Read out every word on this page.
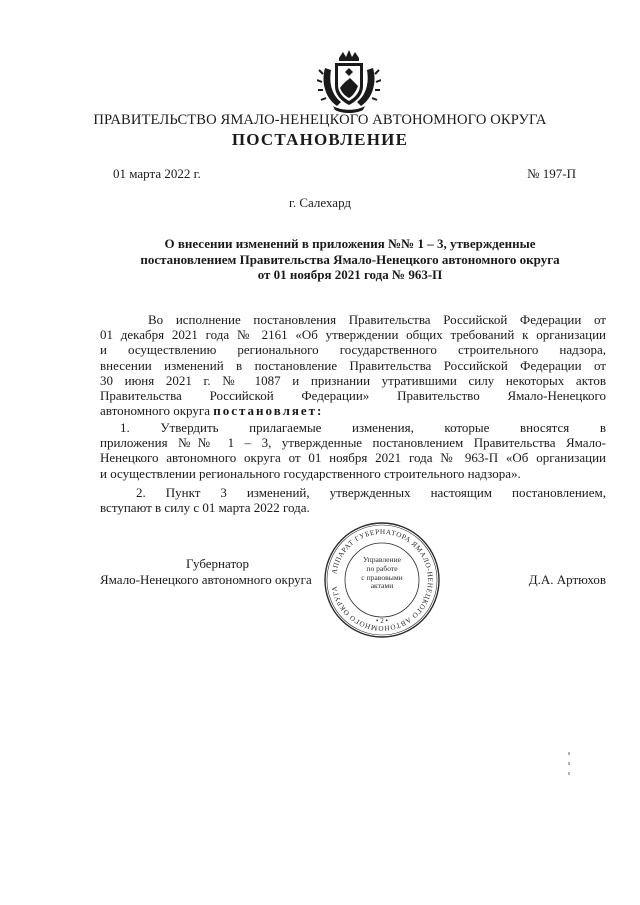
ПРАВИТЕЛЬСТВО ЯМАЛО-НЕНЕЦКОГО АВТОНОМНОГО ОКРУГА
ПОСТАНОВЛЕНИЕ
01 марта 2022 г.	№ 197-П
г. Салехард
О внесении изменений в приложения №№ 1 – 3, утвержденные
постановлением Правительства Ямало-Ненецкого автономного округа
от 01 ноября 2021 года № 963-П
Во исполнение постановления Правительства Российской Федерации от
01 декабря 2021 года № 2161 «Об утверждении общих требований к организации
и осуществлению регионального государственного строительного надзора,
внесении изменений в постановление Правительства Российской Федерации от
30 июня 2021 г. № 1087 и признании утратившими силу некоторых актов
Правительства Российской Федерации» Правительство Ямало-Ненецкого
автономного округа постановляет:
1. Утвердить прилагаемые изменения, которые вносятся в
приложения №№ 1 – 3, утвержденные постановлением Правительства Ямало-
Ненецкого автономного округа от 01 ноября 2021 года № 963-П «Об организации
и осуществлении регионального государственного строительного надзора».
2. Пункт 3 изменений, утвержденных настоящим постановлением,
вступают в силу с 01 марта 2022 года.
Губернатор
Ямало-Ненецкого автономного округа	Д.А. Артюхов
АППАРАТ ГУБЕРНАТОРА ЯМАЛО-НЕНЕЦКОГО АВТОНОМНОГО ОКРУГА
Управление
по работе
с правовыми
актами
• 2 •
